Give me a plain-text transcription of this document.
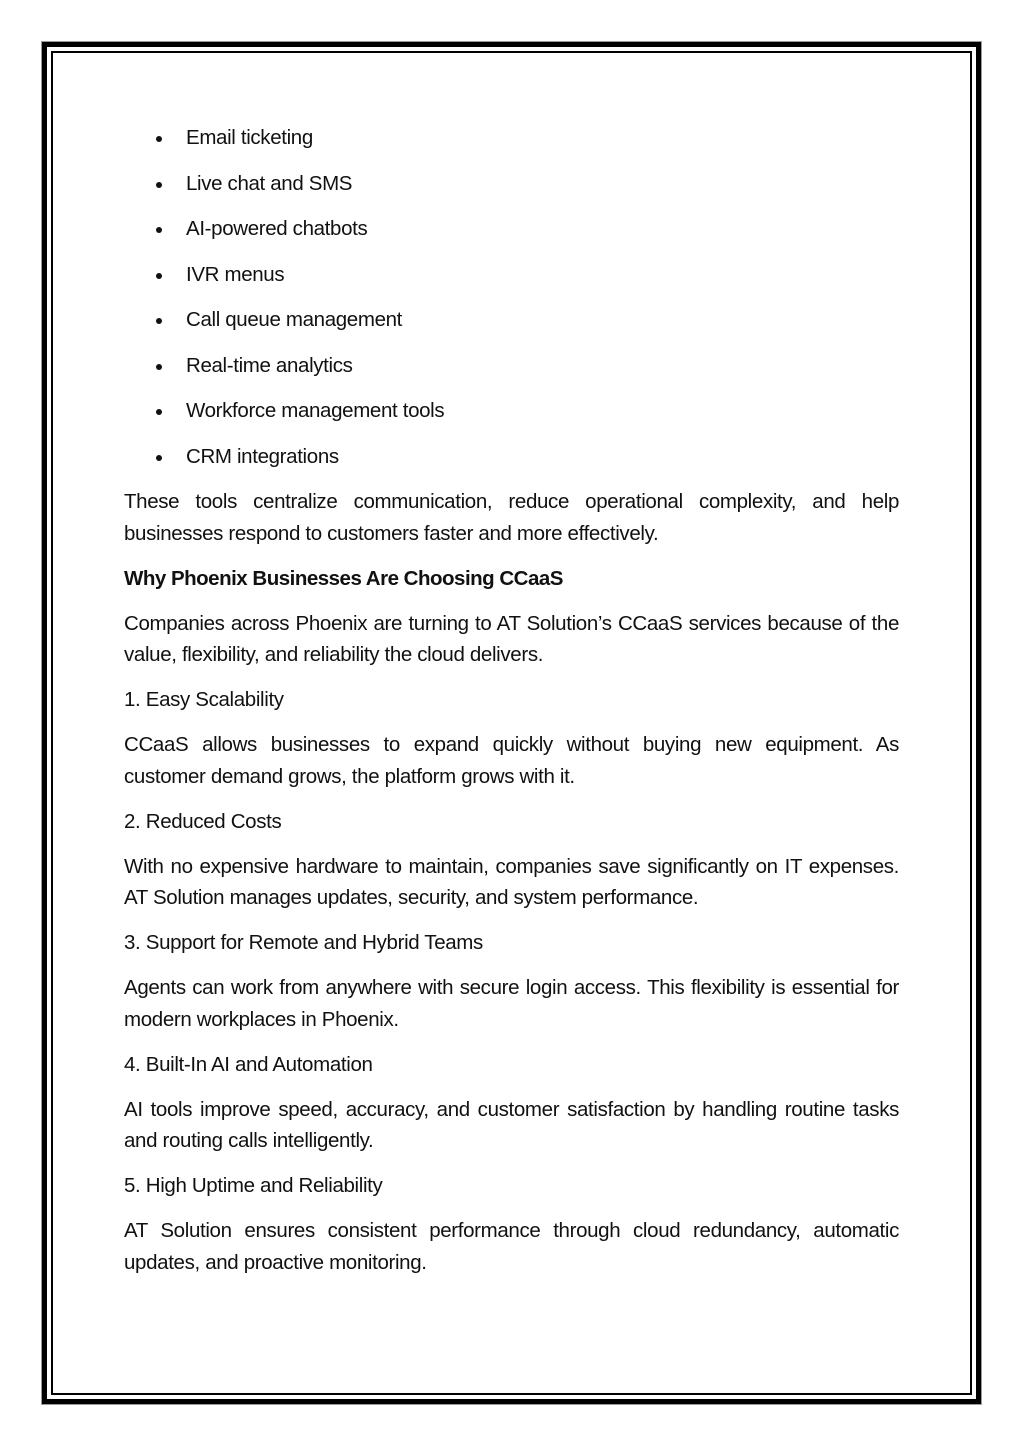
Email ticketing
Live chat and SMS
AI-powered chatbots
IVR menus
Call queue management
Real-time analytics
Workforce management tools
CRM integrations

These tools centralize communication, reduce operational complexity, and help businesses respond to customers faster and more effectively.

Why Phoenix Businesses Are Choosing CCaaS

Companies across Phoenix are turning to AT Solution’s CCaaS services because of the value, flexibility, and reliability the cloud delivers.

1. Easy Scalability

CCaaS allows businesses to expand quickly without buying new equipment. As customer demand grows, the platform grows with it.

2. Reduced Costs

With no expensive hardware to maintain, companies save significantly on IT expenses. AT Solution manages updates, security, and system performance.

3. Support for Remote and Hybrid Teams

Agents can work from anywhere with secure login access. This flexibility is essential for modern workplaces in Phoenix.

4. Built-In AI and Automation

AI tools improve speed, accuracy, and customer satisfaction by handling routine tasks and routing calls intelligently.

5. High Uptime and Reliability

AT Solution ensures consistent performance through cloud redundancy, automatic updates, and proactive monitoring.
